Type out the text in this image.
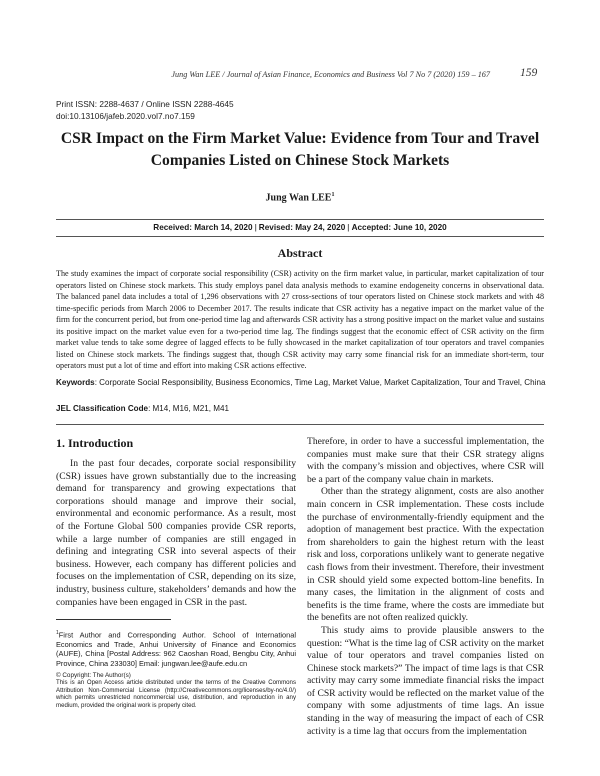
Jung Wan LEE / Journal of Asian Finance, Economics and Business Vol 7 No 7 (2020) 159 – 167	159
Print ISSN: 2288-4637 / Online ISSN 2288-4645
doi:10.13106/jafeb.2020.vol7.no7.159
CSR Impact on the Firm Market Value: Evidence from Tour and Travel
Companies Listed on Chinese Stock Markets
Jung Wan LEE$^1$
Received: March 14, 2020 | Revised: May 24, 2020 | Accepted: June 10, 2020
Abstract
The study examines the impact of corporate social responsibility (CSR) activity on the firm market value, in particular, market capitalization of tour operators listed on Chinese stock markets. This study employs panel data analysis methods to examine endogeneity concerns in observational data. The balanced panel data includes a total of 1,296 observations with 27 cross-sections of tour operators listed on Chinese stock markets and with 48 time-specific periods from March 2006 to December 2017. The results indicate that CSR activity has a negative impact on the market value of the firm for the concurrent period, but from one-period time lag and afterwards CSR activity has a strong positive impact on the market value and sustains its positive impact on the market value even for a two-period time lag. The findings suggest that the economic effect of CSR activity on the firm market value tends to take some degree of lagged effects to be fully showcased in the market capitalization of tour operators and travel companies listed on Chinese stock markets. The findings suggest that, though CSR activity may carry some financial risk for an immediate short-term, tour operators must put a lot of time and effort into making CSR actions effective.
Keywords: Corporate Social Responsibility, Business Economics, Time Lag, Market Value, Market Capitalization, Tour and Travel, China
JEL Classification Code: M14, M16, M21, M41
1. Introduction

In the past four decades, corporate social responsibility (CSR) issues have grown substantially due to the increasing demand for transparency and growing expectations that corporations should manage and improve their social, environmental and economic performance. As a result, most of the Fortune Global 500 companies provide CSR reports, while a large number of companies are still engaged in defining and integrating CSR into several aspects of their business. However, each company has different policies and focuses on the implementation of CSR, depending on its size, industry, business culture, stakeholders’ demands and how the companies have been engaged in CSR in the past.

Therefore, in order to have a successful implementation, the companies must make sure that their CSR strategy aligns with the company’s mission and objectives, where CSR will be a part of the company value chain in markets.

Other than the strategy alignment, costs are also another main concern in CSR implementation. These costs include the purchase of environmentally-friendly equipment and the adoption of management best practice. With the expectation from shareholders to gain the highest return with the least risk and loss, corporations unlikely want to generate negative cash flows from their investment. Therefore, their investment in CSR should yield some expected bottom-line benefits. In many cases, the limitation in the alignment of costs and benefits is the time frame, where the costs are immediate but the benefits are not often realized quickly.

This study aims to provide plausible answers to the question: “What is the time lag of CSR activity on the market value of tour operators and travel companies listed on Chinese stock markets?” The impact of time lags is that CSR activity may carry some immediate financial risks the impact of CSR activity would be reflected on the market value of the company with some adjustments of time lags. An issue standing in the way of measuring the impact of each of CSR activity is a time lag that occurs from the implementation

$^1$First Author and Corresponding Author. School of International Economics and Trade, Anhui University of Finance and Economics (AUFE), China [Postal Address: 962 Caoshan Road, Bengbu City, Anhui Province, China 233030] Email: jungwan.lee@aufe.edu.cn

© Copyright: The Author(s)

This is an Open Access article distributed under the terms of the Creative Commons Attribution Non-Commercial License (http://Creativecommons.org/licenses/by-nc/4.0/) which permits unrestricted noncommercial use, distribution, and reproduction in any medium, provided the original work is properly cited.
